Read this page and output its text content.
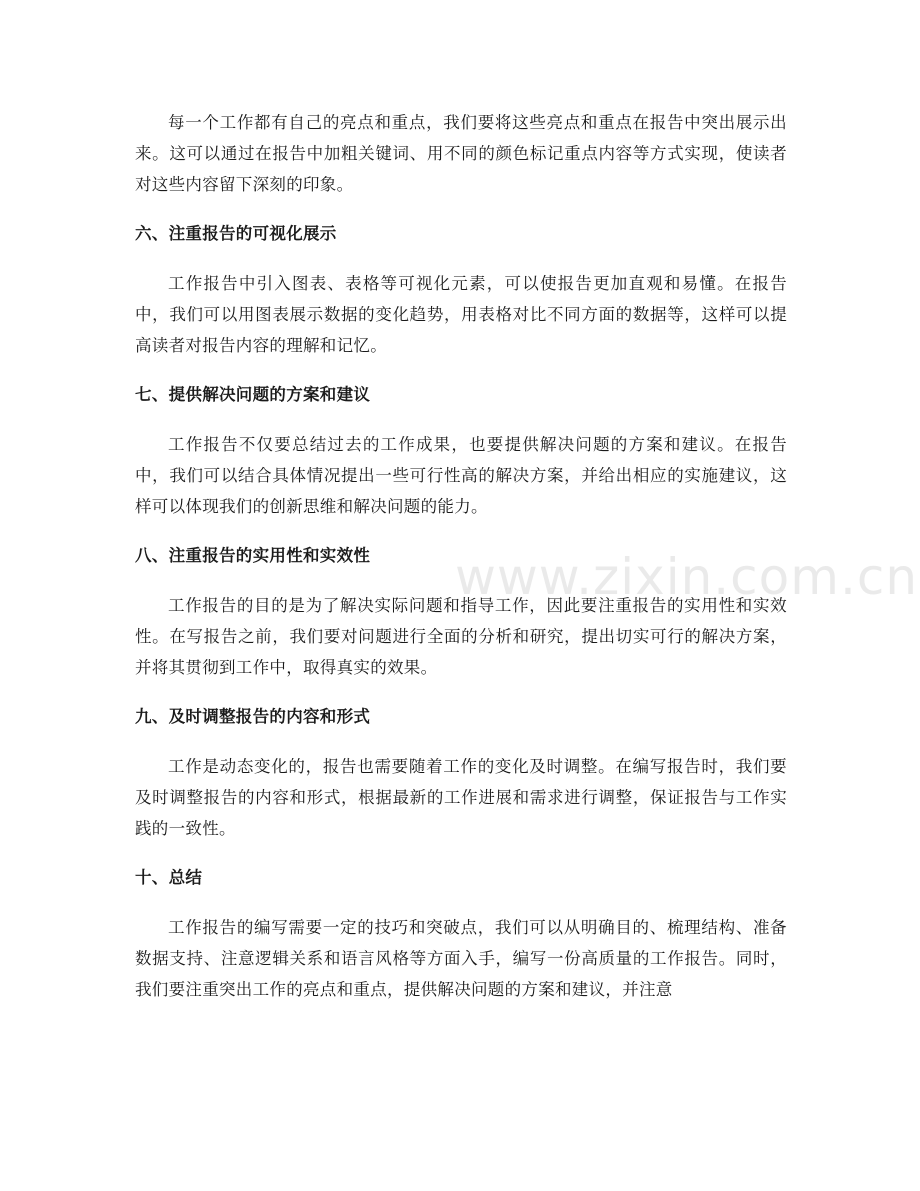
每一个工作都有自己的亮点和重点，我们要将这些亮点和重点在报告中突出展示出来。这可以通过在报告中加粗关键词、用不同的颜色标记重点内容等方式实现，使读者对这些内容留下深刻的印象。

六、注重报告的可视化展示

工作报告中引入图表、表格等可视化元素，可以使报告更加直观和易懂。在报告中，我们可以用图表展示数据的变化趋势，用表格对比不同方面的数据等，这样可以提高读者对报告内容的理解和记忆。

七、提供解决问题的方案和建议

工作报告不仅要总结过去的工作成果，也要提供解决问题的方案和建议。在报告中，我们可以结合具体情况提出一些可行性高的解决方案，并给出相应的实施建议，这样可以体现我们的创新思维和解决问题的能力。

八、注重报告的实用性和实效性

工作报告的目的是为了解决实际问题和指导工作，因此要注重报告的实用性和实效性。在写报告之前，我们要对问题进行全面的分析和研究，提出切实可行的解决方案，并将其贯彻到工作中，取得真实的效果。

九、及时调整报告的内容和形式

工作是动态变化的，报告也需要随着工作的变化及时调整。在编写报告时，我们要及时调整报告的内容和形式，根据最新的工作进展和需求进行调整，保证报告与工作实践的一致性。

十、总结

工作报告的编写需要一定的技巧和突破点，我们可以从明确目的、梳理结构、准备数据支持、注意逻辑关系和语言风格等方面入手，编写一份高质量的工作报告。同时，我们要注重突出工作的亮点和重点，提供解决问题的方案和建议，并注意

www.zixin.com.cn
